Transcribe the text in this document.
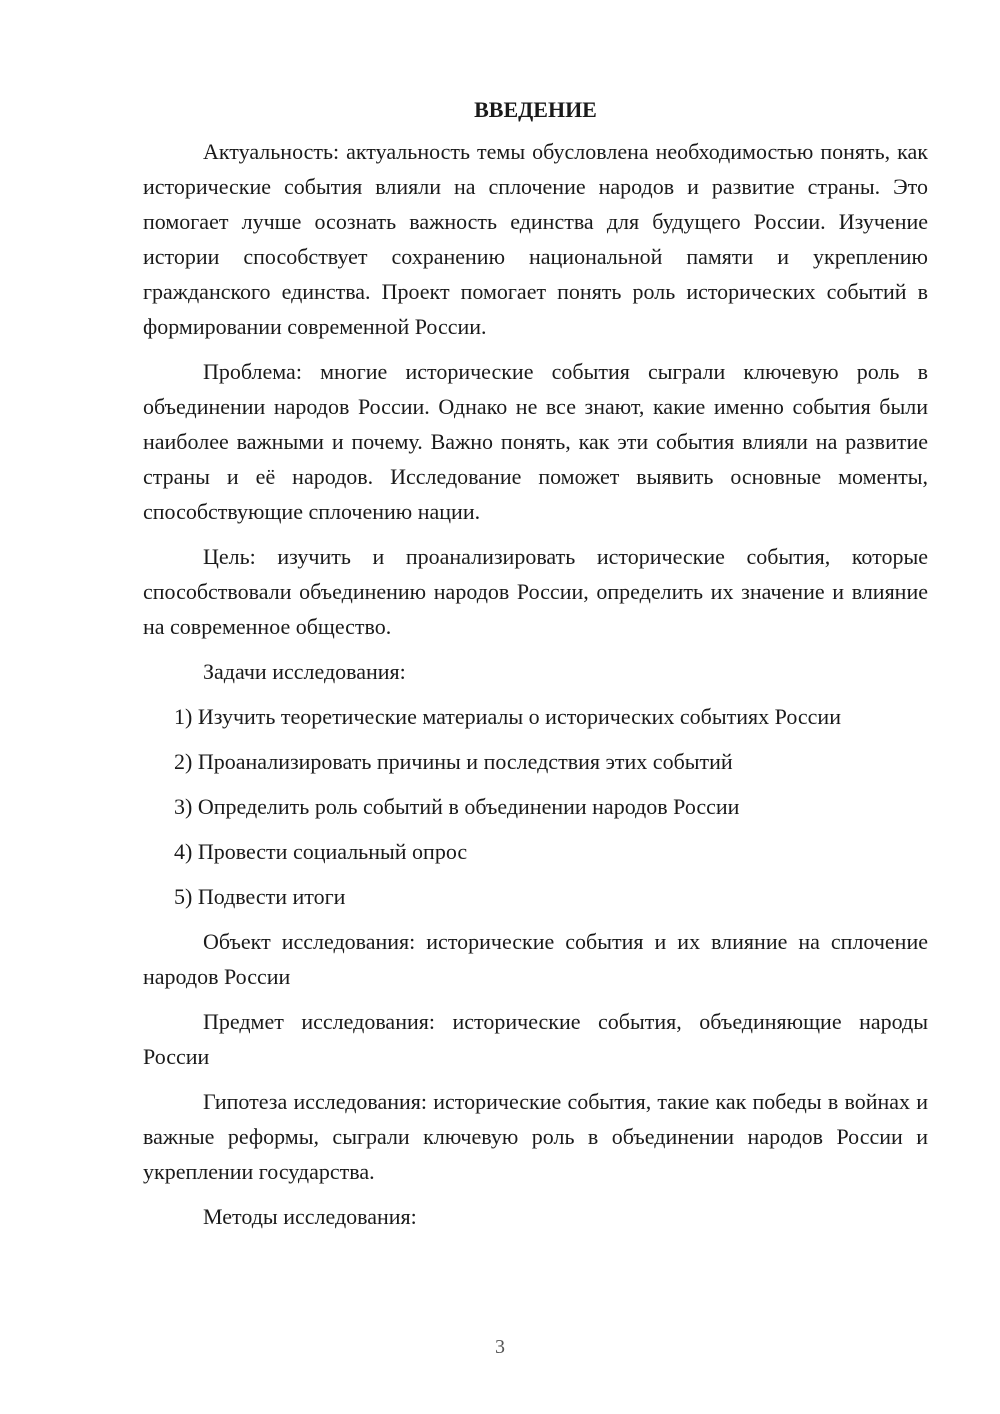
ВВЕДЕНИЕ

Актуальность: актуальность темы обусловлена необходимостью понять, как исторические события влияли на сплочение народов и развитие страны. Это помогает лучше осознать важность единства для будущего России. Изучение истории способствует сохранению национальной памяти и укреплению гражданского единства. Проект помогает понять роль исторических событий в формировании современной России.

Проблема: многие исторические события сыграли ключевую роль в объединении народов России. Однако не все знают, какие именно события были наиболее важными и почему. Важно понять, как эти события влияли на развитие страны и её народов. Исследование поможет выявить основные моменты, способствующие сплочению нации.

Цель: изучить и проанализировать исторические события, которые способствовали объединению народов России, определить их значение и влияние на современное общество.

Задачи исследования:

1) Изучить теоретические материалы о исторических событиях России
2) Проанализировать причины и последствия этих событий
3) Определить роль событий в объединении народов России
4) Провести социальный опрос
5) Подвести итоги

Объект исследования: исторические события и их влияние на сплочение народов России

Предмет исследования: исторические события, объединяющие народы России

Гипотеза исследования: исторические события, такие как победы в войнах и важные реформы, сыграли ключевую роль в объединении народов России и укреплении государства.

Методы исследования:

3
